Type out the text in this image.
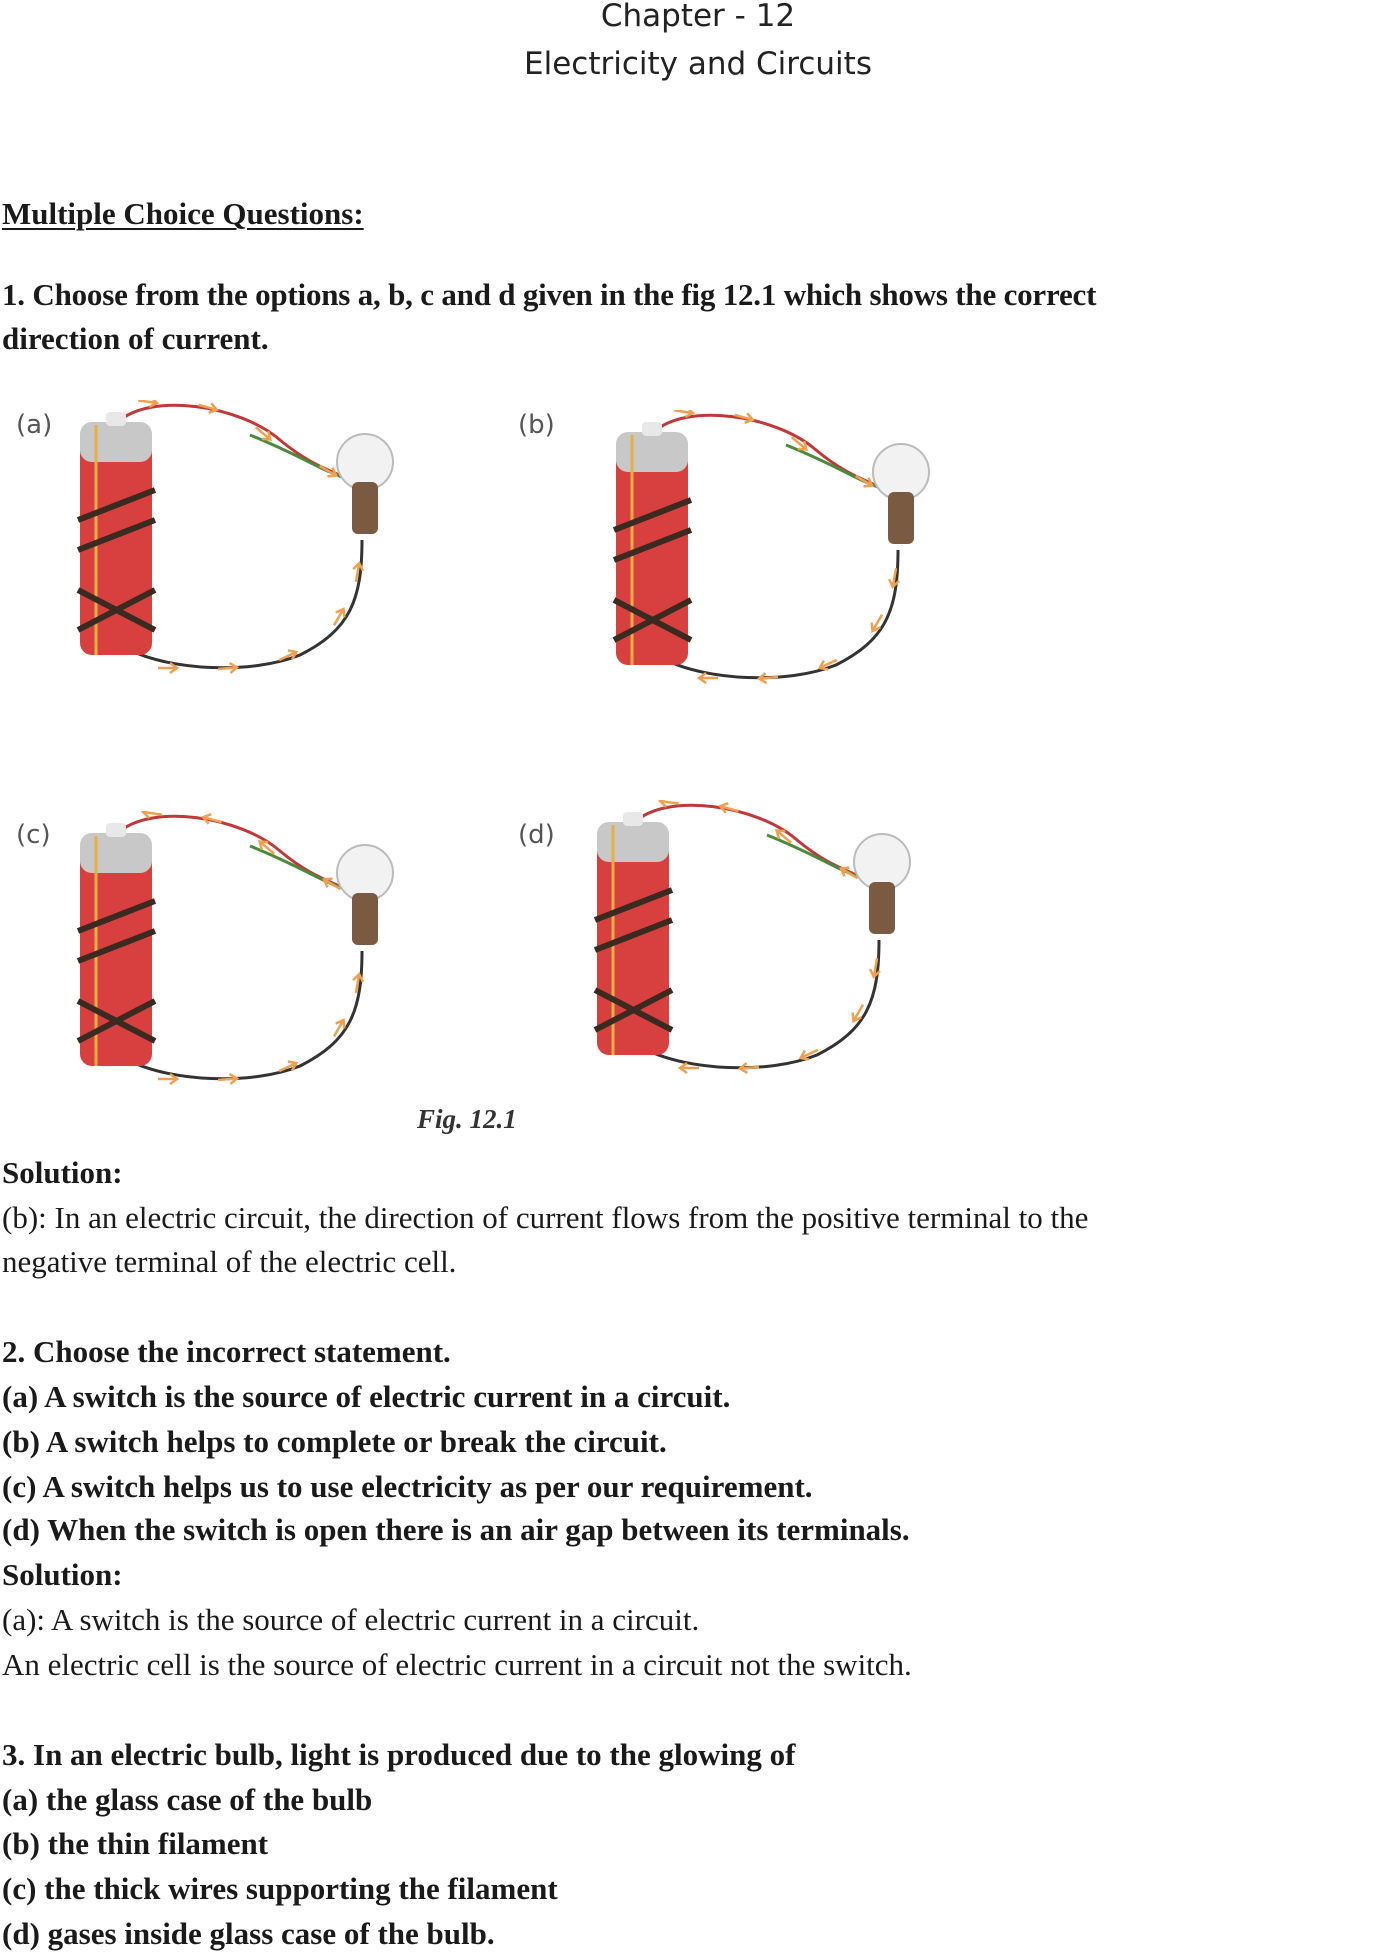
Chapter - 12
Electricity and Circuits
Multiple Choice Questions:
1. Choose from the options a, b, c and d given in the fig 12.1 which shows the correct
direction of current.
(a)	(b)
(c)	(d)
Fig. 12.1
Solution:
(b): In an electric circuit, the direction of current flows from the positive terminal to the
negative terminal of the electric cell.
2. Choose the incorrect statement.
(a) A switch is the source of electric current in a circuit.
(b) A switch helps to complete or break the circuit.
(c) A switch helps us to use electricity as per our requirement.
(d) When the switch is open there is an air gap between its terminals.
Solution:
(a): A switch is the source of electric current in a circuit.
An electric cell is the source of electric current in a circuit not the switch.
3. In an electric bulb, light is produced due to the glowing of
(a) the glass case of the bulb
(b) the thin filament
(c) the thick wires supporting the filament
(d) gases inside glass case of the bulb.
